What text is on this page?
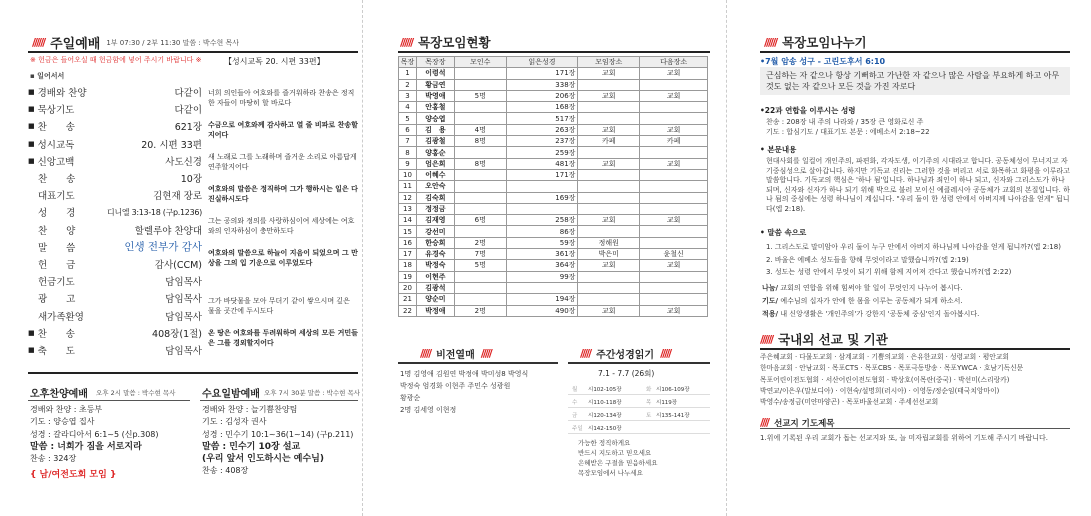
////// 주일예배 1부 07:30 / 2부 11:30 말씀 : 박수현 목사
※ 헌금은 들어오실 때 헌금함에 넣어 주시기 바랍니다 ※
▪ 일어서서
【성시교독 20. 시편 33편】
■ 경배와 찬양	다같이
■ 묵상기도	다같이
■ 찬　　송	621장
■ 성시교독	20. 시편 33편
■ 신앙고백	사도신경
찬　　송	10장
대표기도	김현재 장로
성　　경	디니엘 3:13-18 (구p.1236)
찬　　양	할렐루야 찬양대
말　　씀	인생 전부가 감사
헌　　금	감사(CCM)
헌금기도	담임목사
광　　고	담임목사
새가족환영	담임목사
■ 찬　　송	408장(1절)
■ 축　　도	담임목사
너희 의인들아 여호와를 즐거워하라 찬송은 정직한 자들이 마땅히 할 바로다
수금으로 여호와께 감사하고 열 줄 비파로 찬송할지어다
새 노래로 그를 노래하며 즐거운 소리로 아름답게 연주할지어다
여호와의 말씀은 정직하며 그가 행하시는 일은 다 진실하시도다
그는 공의와 정의를 사랑하심이여 세상에는 여호와의 인자하심이 충만하도다
여호와의 말씀으로 하늘이 지음이 되었으며 그 만상을 그의 입 기운으로 이루었도다
그가 바닷물을 모아 무더기 같이 쌓으시며 깊은 물을 곳간에 두시도다
온 땅은 여호와를 두려워하며 세상의 모든 거민들은 그를 경외할지어다
오후찬양예배 오후 2시 말씀 : 박수현 목사
경배와 찬양 : 초등부
기도 : 양승엽 집사
성경 : 갈라디아서 6:1~5 (신p.308)
말씀 : 너희가 짐을 서로지라
찬송 : 324장
{ 남/여전도회 모임 }
수요일밤예배 오후 7시 30분 말씀 : 박수현 목사
경배와 찬양 : 늘기쁨찬양팀
기도 : 김성자 권사
성경 : 민수기 10:1~36(1~14) (구p.211)
말씀 : 민수기 10장 설교
(우리 앞서 인도하시는 예수님)
찬송 : 408장
////// 목장모임현황
목장	목장장	모인수	읽은성경	모임장소	다음장소
1	이령석		171장	교회	교회
2	황금연		338장		
3	박영애	5명	206장	교회	교회
4	안홍철		168장		
5	양승엽		517장		
6	김　용	4명	263장	교회	교회
7	김광철	8명	237장	카페	카페
8	양홍순		259장		
9	엄은희	8명	481장	교회	교회
10	이혜수		171장		
11	오안숙				
12	김숙희		169장		
13	정정금				
14	김재영	6명	258장	교회	교회
15	강선미		86장		
16	한승희	2명	59장	정해원	
17	유경숙	7명	361장	박은미	윤철신
18	박정숙	5명	364장	교회	교회
19	이현주		99장		
20	김광석				
21	양순미		194장		
22	박정애	2명	490장	교회	교회
///// 비전열매 /////
1명 김영애 김원연 박정애 박미성8 박영식
박정숙 엄경화 이현주 주민수 성광원
황광순
2명 김세영 이현정
///// 주간성경읽기 /////
7.1 - 7.7 (26회)
월 시102-105장	화 시106-109장
수 시110-118장	목 시119장
금 시120-134장	토 시135-141장
주일 시142-150장
가능한 정직하게요
반드시 지도하고 믿으세요
은혜받은 구절을 믿음하세요
목장모임에서 나누세요
////// 목장모임나누기
•7월 암송 성구 - 고린도후서 6:10
근심하는 자 같으나 항상 기뻐하고 가난한 자 같으나 많은 사람을 부요하게 하고 아무 것도 없는 자 같으나 모든 것을 가진 자로다
•22과 연합을 이루시는 성령
찬송 : 208장 내 주의 나라와 / 35장 큰 영화로신 주
기도 : 합심기도 / 대표기도 본문 : 에베소서 2:18~22
• 본문내용
현대사회를 일컬어 개인주의, 파편화, 각자도생, 이기주의 시대라고 합니다. 공동체성이 무너지고 자기중심성으로 살아갑니다. 하지만 기독교 진리는 그러한 것을 버리고 서로 화목하고 화평을 이루라고 말씀합니다. 기독교의 핵심은 '하나 됨'입니다. 하나님과 죄인이 하나 되고, 신자와 그리스도가 하나 되며, 신자와 신자가 하나 되기 위해 박으로 불러 모이신 예클레시아 공동체가 교회의 본질입니다. 하나 됨의 중심에는 성령 하나님이 계십니다. "우리 둘이 한 성령 안에서 아버지께 나아감을 얻게" 됩니다(엡 2:18).
• 말씀 속으로
1. 그리스도로 말미암아 우리 둘이 누구 안에서 아버지 하나님께 나아감을 얻게 됩니까?(엡 2:18)
2. 바울은 에베소 성도들을 향해 무엇이라고 말했습니까?(엡 2:19)
3. 성도는 성령 안에서 무엇이 되기 위해 함께 지어져 간다고 했습니까?(엡 2:22)
나눔/ 교회의 연합을 위해 힘써야 할 일이 무엇인지 나누어 봅시다.
기도/ 예수님의 십자가 안에 한 몸을 이루는 공동체가 되게 하소서.
적용/ 내 신앙생활은 '개인주의'가 강한지 '공동체 중심'인지 돌아봅시다.
////// 국내외 선교 및 기관
주은혜교회 · 다물도교회 · 삼계교회 · 기쁨의교회 · 은유한교회 · 성령교회 · 평안교회
한마음교회 · 안남교회 · 목포CTS · 목포CBS · 목포극동방송 · 목포YWCA · 호남기독신문
목포어린이전도협회 · 서산어린이전도협회 · 박상호(이목란(중국) · 박선미(스리랑카)
박연교/이은우(말보디아) · 이현숙/설명희(러시아) · 이영동/정순임(태국치앙마이)
박영수/송정금(미얀마양곤) · 목포바울선교회 · 주세선선교회
//// 선교지 기도제목
1.위에 기록된 우리 교회가 돕는 선교지와 또, 늘 미자립교회를 위하여 기도해 주시기 바랍니다.
